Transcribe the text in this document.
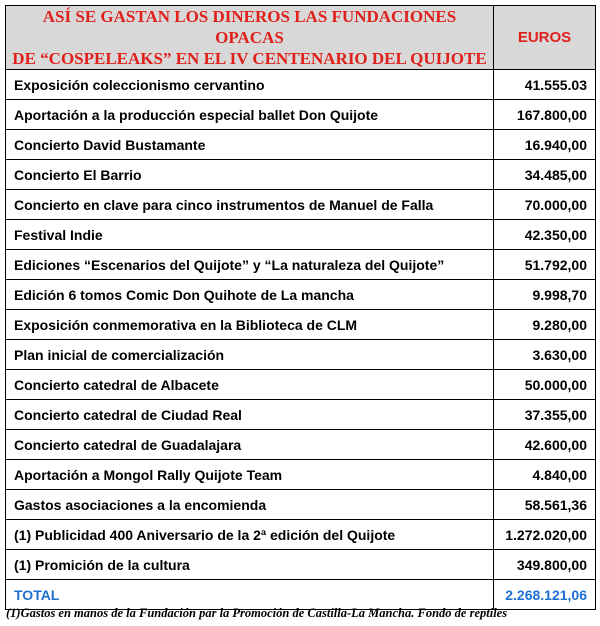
ASÍ SE GASTAN LOS DINEROS LAS FUNDACIONES OPACAS
DE “COSPELEAKS” EN EL IV CENTENARIO DEL QUIJOTE	EUROS
Exposición coleccionismo cervantino	41.555.03
Aportación a la producción especial ballet Don Quijote	167.800,00
Concierto David Bustamante	16.940,00
Concierto El Barrio	34.485,00
Concierto en clave para cinco instrumentos de Manuel de Falla	70.000,00
Festival Indie	42.350,00
Ediciones “Escenarios del Quijote” y “La naturaleza del Quijote”	51.792,00
Edición 6 tomos Comic Don Quihote de La mancha	9.998,70
Exposición conmemorativa en la Biblioteca de CLM	9.280,00
Plan inicial de comercialización	3.630,00
Concierto catedral de Albacete	50.000,00
Concierto catedral de Ciudad Real	37.355,00
Concierto catedral de Guadalajara	42.600,00
Aportación a Mongol Rally Quijote Team	4.840,00
Gastos asociaciones a la encomienda	58.561,36
(1) Publicidad 400 Aniversario de la 2ª edición del Quijote	1.272.020,00
(1) Promición de la cultura	349.800,00
TOTAL	2.268.121,06
(1)Gastos en manos de la Fundación par la Promoción de Castilla-La Mancha. Fondo de reptiles
